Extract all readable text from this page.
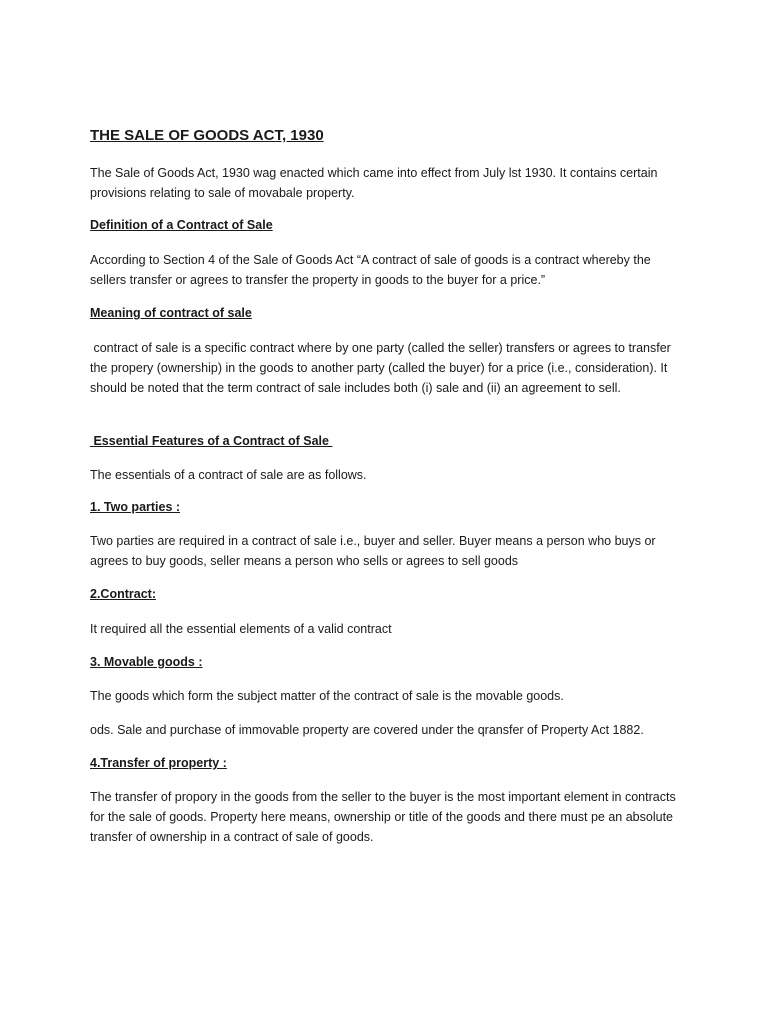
THE SALE OF GOODS ACT, 1930

The Sale of Goods Act, 1930 wag enacted which came into effect from July lst 1930. It contains certain provisions relating to sale of movabale property.

Definition of a Contract of Sale

According to Section 4 of the Sale of Goods Act “A contract of sale of goods is a contract whereby the sellers transfer or agrees to transfer the property in goods to the buyer for a price.”

Meaning of contract of sale

contract of sale is a specific contract where by one party (called the seller) transfers or agrees to transfer the propery (ownership) in the goods to another party (called the buyer) for a price (i.e., consideration). It should be noted that the term contract of sale includes both (i) sale and (ii) an agreement to sell.

Essential Features of a Contract of Sale

The essentials of a contract of sale are as follows.

1. Two parties :

Two parties are required in a contract of sale i.e., buyer and seller. Buyer means a person who buys or agrees to buy goods, seller means a person who sells or agrees to sell goods

2.Contract:

It required all the essential elements of a valid contract

3. Movable goods :

The goods which form the subject matter of the contract of sale is the movable goods.

ods. Sale and purchase of immovable property are covered under the qransfer of Property Act 1882.

4.Transfer of property :

The transfer of propory in the goods from the seller to the buyer is the most important element in contracts for the sale of goods. Property here means, ownership or title of the goods and there must pe an absolute transfer of ownership in a contract of sale of goods.
